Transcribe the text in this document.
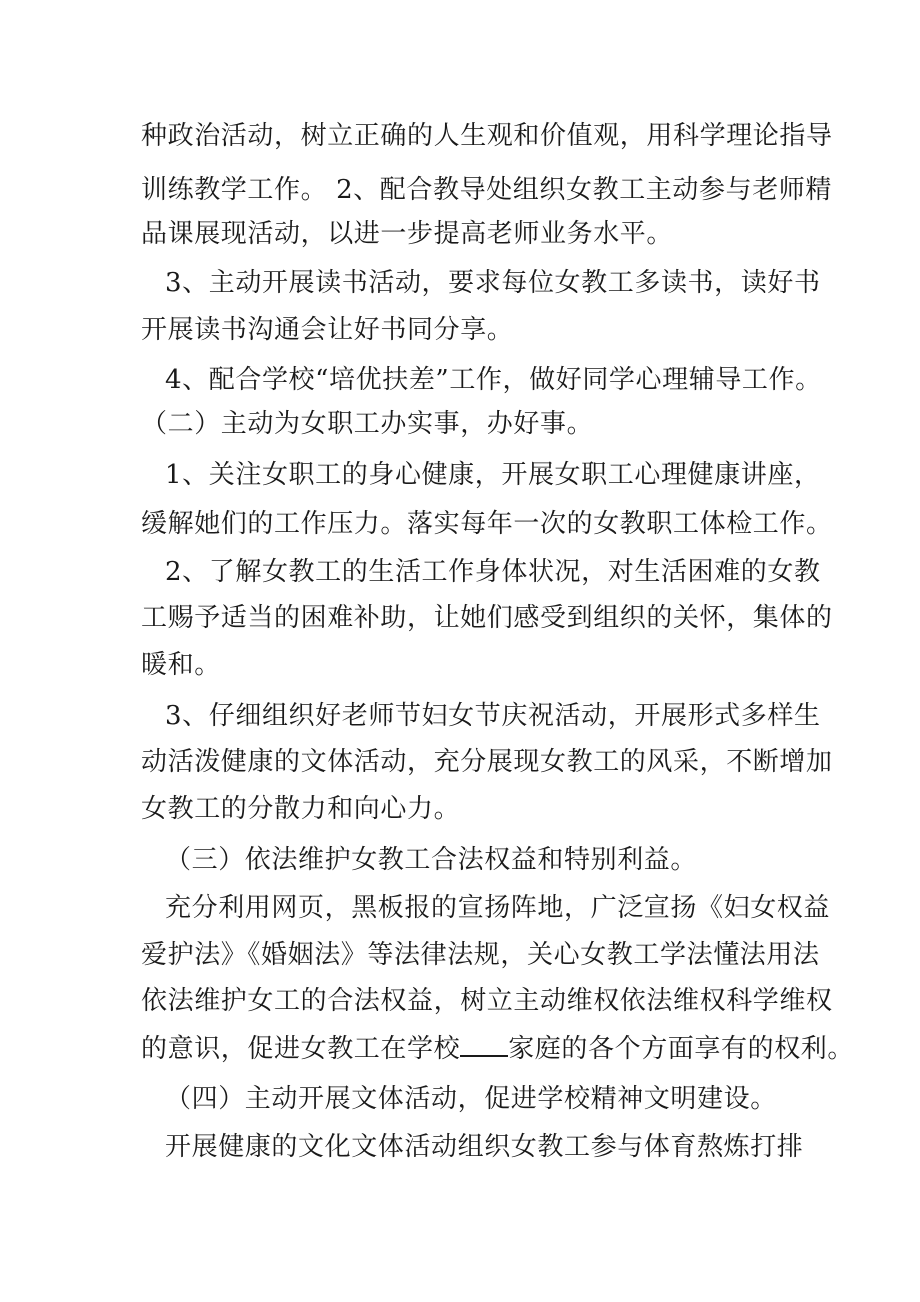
种政治活动，树立正确的人生观和价值观，用科学理论指导
训练教学工作。 2、配合教导处组织女教工主动参与老师精
品课展现活动，以进一步提高老师业务水平。
3、主动开展读书活动，要求每位女教工多读书，读好书
开展读书沟通会让好书同分享。
4、配合学校“培优扶差”工作，做好同学心理辅导工作。
（二）主动为女职工办实事，办好事。
1、关注女职工的身心健康，开展女职工心理健康讲座，
缓解她们的工作压力。落实每年一次的女教职工体检工作。
2、了解女教工的生活工作身体状况，对生活困难的女教
工赐予适当的困难补助，让她们感受到组织的关怀，集体的
暖和。
3、仔细组织好老师节妇女节庆祝活动，开展形式多样生
动活泼健康的文体活动，充分展现女教工的风采，不断增加
女教工的分散力和向心力。
（三）依法维护女教工合法权益和特别利益。
充分利用网页，黑板报的宣扬阵地，广泛宣扬《妇女权益
爱护法》《婚姻法》等法律法规，关心女教工学法懂法用法
依法维护女工的合法权益，树立主动维权依法维权科学维权
的意识，促进女教工在学校 家庭的各个方面享有的权利。
（四）主动开展文体活动，促进学校精神文明建设。
开展健康的文化文体活动组织女教工参与体育熬炼打排
